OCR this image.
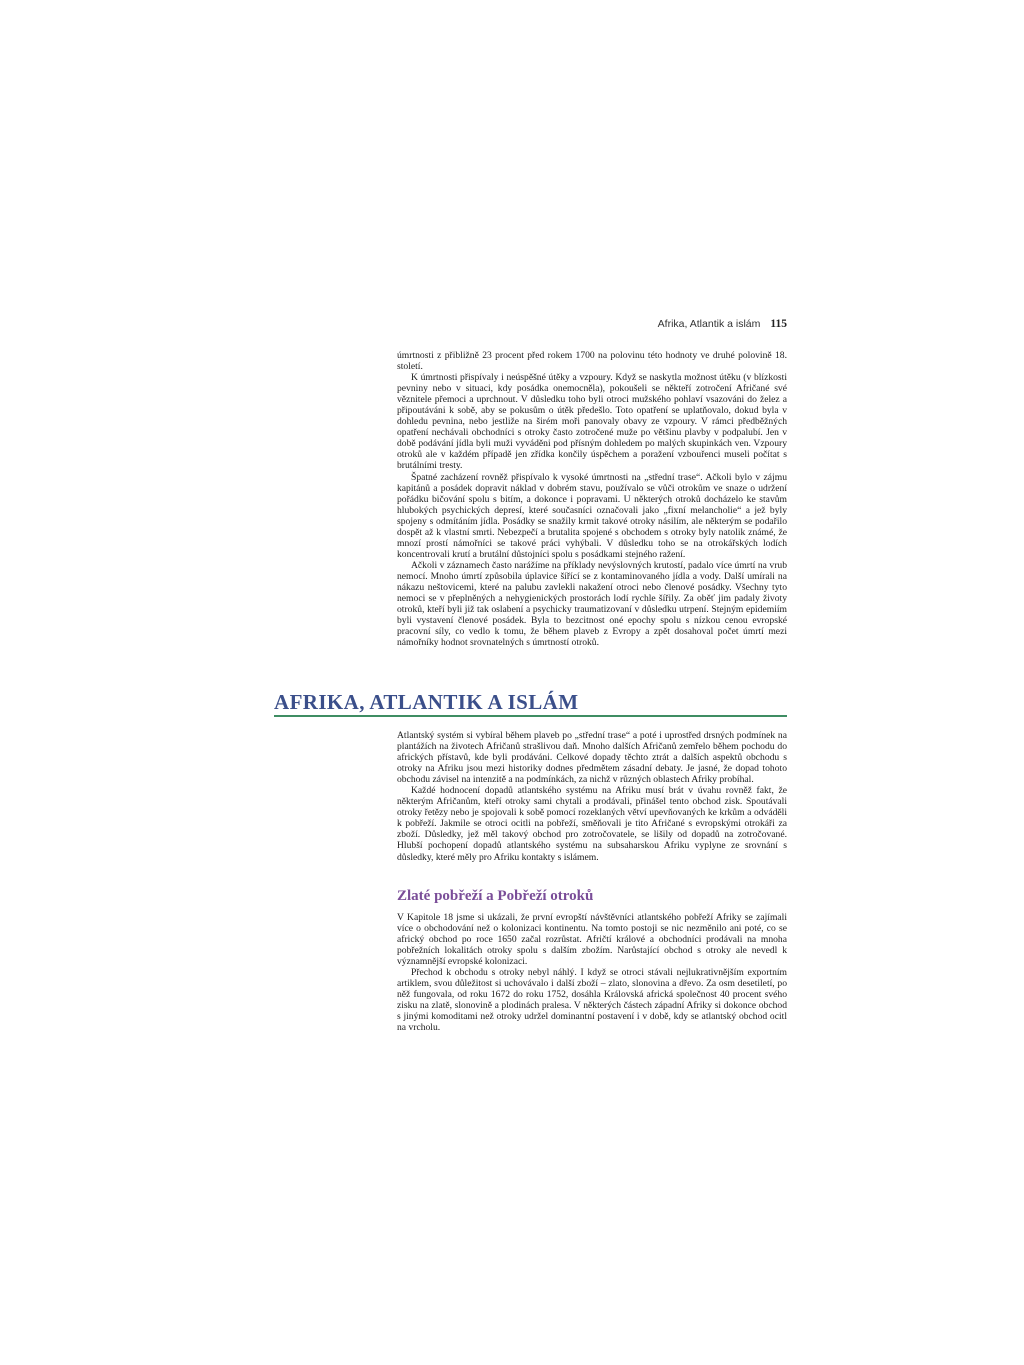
Afrika, Atlantik a islám 115

úmrtnosti z přibližně 23 procent před rokem 1700 na polovinu této hodnoty ve druhé polovině 18. století.

K úmrtnosti přispívaly i neúspěšné útěky a vzpoury. Když se naskytla možnost útěku (v blízkosti pevniny nebo v situaci, kdy posádka onemocněla), pokoušeli se někteří zotročení Afričané své věznitele přemoci a uprchnout. V důsledku toho byli otroci mužského pohlaví vsazováni do želez a připoutáváni k sobě, aby se pokusům o útěk předešlo. Toto opatření se uplatňovalo, dokud byla v dohledu pevnina, nebo jestliže na širém moři panovaly obavy ze vzpoury. V rámci předběžných opatření nechávali obchodníci s otroky často zotročené muže po většinu plavby v podpalubí. Jen v době podávání jídla byli muži vyváděni pod přísným dohledem po malých skupinkách ven. Vzpoury otroků ale v každém případě jen zřídka končily úspěchem a poražení vzbouřenci museli počítat s brutálními tresty.

Špatné zacházení rovněž přispívalo k vysoké úmrtnosti na „střední trase“. Ačkoli bylo v zájmu kapitánů a posádek dopravit náklad v dobrém stavu, používalo se vůči otrokům ve snaze o udržení pořádku bičování spolu s bitím, a dokonce i popravami. U některých otroků docházelo ke stavům hlubokých psychických depresí, které současníci označovali jako „fixní melancholie“ a jež byly spojeny s odmítáním jídla. Posádky se snažily krmit takové otroky násilím, ale některým se podařilo dospět až k vlastní smrti. Nebezpečí a brutalita spojené s obchodem s otroky byly natolik známé, že mnozí prostí námořníci se takové práci vyhýbali. V důsledku toho se na otrokářských lodích koncentrovali krutí a brutální důstojníci spolu s posádkami stejného ražení.

Ačkoli v záznamech často narážíme na příklady nevýslovných krutostí, padalo více úmrtí na vrub nemocí. Mnoho úmrtí způsobila úplavice šířící se z kontaminovaného jídla a vody. Další umírali na nákazu neštovicemi, které na palubu zavlekli nakažení otroci nebo členové posádky. Všechny tyto nemoci se v přeplněných a nehygienických prostorách lodí rychle šířily. Za oběť jim padaly životy otroků, kteří byli již tak oslabení a psychicky traumatizovaní v důsledku utrpení. Stejným epidemiím byli vystavení členové posádek. Byla to bezcitnost oné epochy spolu s nízkou cenou evropské pracovní síly, co vedlo k tomu, že během plaveb z Evropy a zpět dosahoval počet úmrtí mezi námořníky hodnot srovnatelných s úmrtností otroků.

AFRIKA, ATLANTIK A ISLÁM

Atlantský systém si vybíral během plaveb po „střední trase“ a poté i uprostřed drsných podmínek na plantážích na životech Afričanů strašlivou daň. Mnoho dalších Afričanů zemřelo během pochodu do afrických přístavů, kde byli prodáváni. Celkové dopady těchto ztrát a dalších aspektů obchodu s otroky na Afriku jsou mezi historiky dodnes předmětem zásadní debaty. Je jasné, že dopad tohoto obchodu závisel na intenzitě a na podmínkách, za nichž v různých oblastech Afriky probíhal.

Každé hodnocení dopadů atlantského systému na Afriku musí brát v úvahu rovněž fakt, že některým Afričanům, kteří otroky sami chytali a prodávali, přinášel tento obchod zisk. Spoutávali otroky řetězy nebo je spojovali k sobě pomocí rozeklaných větví upevňovaných ke krkům a odváděli k pobřeží. Jakmile se otroci ocitli na pobřeží, směňovali je tito Afričané s evropskými otrokáři za zboží. Důsledky, jež měl takový obchod pro zotročovatele, se lišily od dopadů na zotročované. Hlubší pochopení dopadů atlantského systému na subsaharskou Afriku vyplyne ze srovnání s důsledky, které měly pro Afriku kontakty s islámem.

Zlaté pobřeží a Pobřeží otroků

V Kapitole 18 jsme si ukázali, že první evropští návštěvníci atlantského pobřeží Afriky se zajímali více o obchodování než o kolonizaci kontinentu. Na tomto postoji se nic nezměnilo ani poté, co se africký obchod po roce 1650 začal rozrůstat. Afričtí králové a obchodníci prodávali na mnoha pobřežních lokalitách otroky spolu s dalším zbožím. Narůstající obchod s otroky ale nevedl k významnější evropské kolonizaci.

Přechod k obchodu s otroky nebyl náhlý. I když se otroci stávali nejlukrativnějším exportním artiklem, svou důležitost si uchovávalo i další zboží – zlato, slonovina a dřevo. Za osm desetiletí, po něž fungovala, od roku 1672 do roku 1752, dosáhla Královská africká společnost 40 procent svého zisku na zlatě, slonovině a plodinách pralesa. V některých částech západní Afriky si dokonce obchod s jinými komoditami než otroky udržel dominantní postavení i v době, kdy se atlantský obchod ocitl na vrcholu.
